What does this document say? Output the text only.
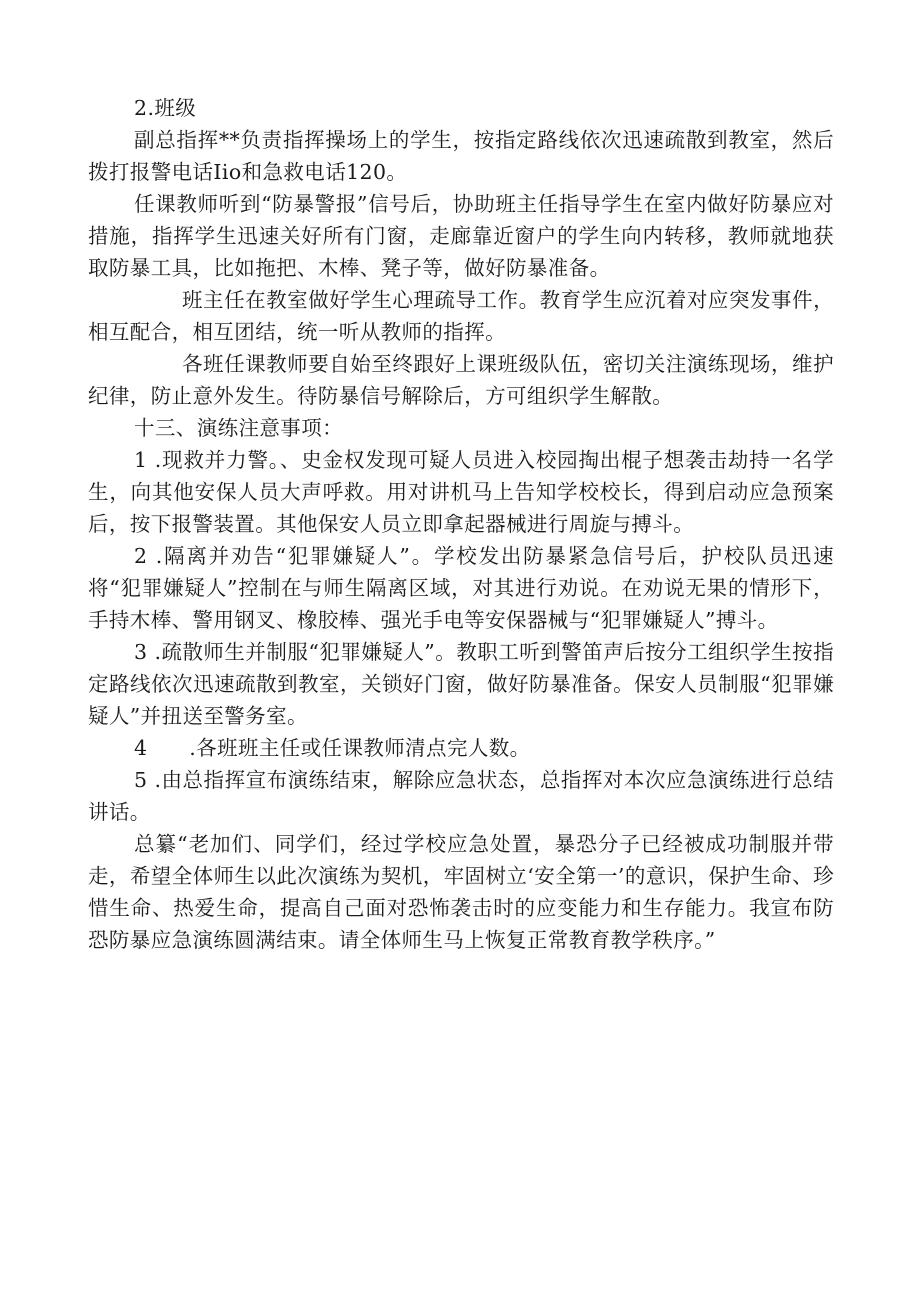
2.班级

副总指挥**负责指挥操场上的学生，按指定路线依次迅速疏散到教室，然后拨打报警电话Iio和急救电话120。

任课教师听到“防暴警报”信号后，协助班主任指导学生在室内做好防暴应对措施，指挥学生迅速关好所有门窗，走廊靠近窗户的学生向内转移，教师就地获取防暴工具，比如拖把、木棒、凳子等，做好防暴准备。

班主任在教室做好学生心理疏导工作。教育学生应沉着对应突发事件，相互配合，相互团结，统一听从教师的指挥。

各班任课教师要自始至终跟好上课班级队伍，密切关注演练现场，维护纪律，防止意外发生。待防暴信号解除后，方可组织学生解散。

十三、演练注意事项：

1 .现救并力警。、史金权发现可疑人员进入校园掏出棍子想袭击劫持一名学生，向其他安保人员大声呼救。用对讲机马上告知学校校长，得到启动应急预案后，按下报警装置。其他保安人员立即拿起器械进行周旋与搏斗。

2 .隔离并劝告“犯罪嫌疑人”。学校发出防暴紧急信号后，护校队员迅速将“犯罪嫌疑人”控制在与师生隔离区域，对其进行劝说。在劝说无果的情形下，手持木棒、警用钢叉、橡胶棒、强光手电等安保器械与“犯罪嫌疑人”搏斗。

3 .疏散师生并制服“犯罪嫌疑人”。教职工听到警笛声后按分工组织学生按指定路线依次迅速疏散到教室，关锁好门窗，做好防暴准备。保安人员制服“犯罪嫌疑人”并扭送至警务室。

4　　.各班班主任或任课教师清点完人数。

5 .由总指挥宣布演练结束，解除应急状态，总指挥对本次应急演练进行总结讲话。

总纂“老加们、同学们，经过学校应急处置，暴恐分子已经被成功制服并带走，希望全体师生以此次演练为契机，牢固树立‘安全第一’的意识，保护生命、珍惜生命、热爱生命，提高自己面对恐怖袭击时的应变能力和生存能力。我宣布防恐防暴应急演练圆满结束。请全体师生马上恢复正常教育教学秩序。”
